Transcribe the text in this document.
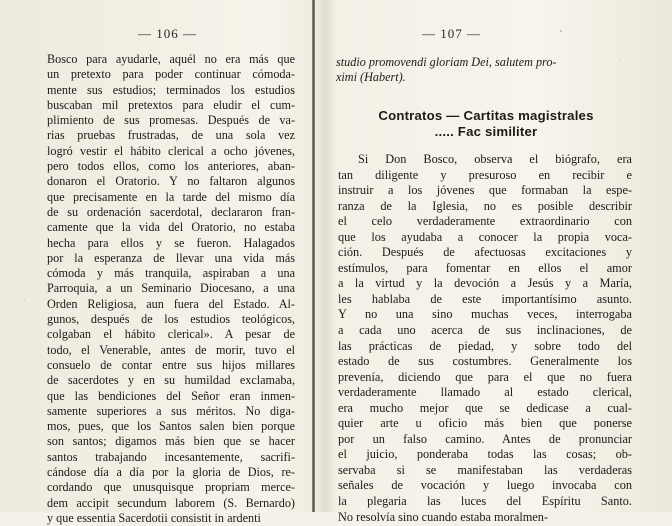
— 106 —
Bosco para ayudarle, aquél no era más que
un pretexto para poder continuar cómoda-
mente sus estudios; terminados los estudios
buscaban mil pretextos para eludir el cum-
plimiento de sus promesas. Después de va-
rias pruebas frustradas, de una sola vez
logró vestir el hábito clerical a ocho jóvenes,
pero todos ellos, como los anteriores, aban-
donaron el Oratorio. Y no faltaron algunos
que precisamente en la tarde del mismo día
de su ordenación sacerdotal, declararon fran-
camente que la vida del Oratorio, no estaba
hecha para ellos y se fueron. Halagados
por la esperanza de llevar una vida más
cómoda y más tranquila, aspiraban a una
Parroquia, a un Seminario Diocesano, a una
Orden Religiosa, aun fuera del Estado. Al-
gunos, después de los estudios teológicos,
colgaban el hábito clerical». A pesar de
todo, el Venerable, antes de morir, tuvo el
consuelo de contar entre sus hijos millares
de sacerdotes y en su humildad exclamaba,
que las bendiciones del Señor eran inmen-
samente superiores a sus méritos. No diga-
mos, pues, que los Santos salen bien porque
son santos; digamos más bien que se hacer
santos trabajando incesantemente, sacrifi-
cándose día a día por la gloria de Dios, re-
cordando que unusquisque propriam merce-
dem accipit secundum laborem (S. Bernardo)
y que essentia Sacerdotii consistit in ardenti
— 107 —
studio promovendi gloriam Dei, salutem pro-
ximi (Habert).
Contratos — Cartitas magistrales
..... Fac similiter
Si Don Bosco, observa el biógrafo, era
tan diligente y presuroso en recibir e
instruir a los jóvenes que formaban la espe-
ranza de la Iglesia, no es posible describir
el celo verdaderamente extraordinario con
que los ayudaba a conocer la propia voca-
ción. Después de afectuosas excitaciones y
estímulos, para fomentar en ellos el amor
a la virtud y la devoción a Jesús y a María,
les hablaba de este importantísimo asunto.
Y no una sino muchas veces, interrogaba
a cada uno acerca de sus inclinaciones, de
las prácticas de piedad, y sobre todo del
estado de sus costumbres. Generalmente los
prevenía, diciendo que para el que no fuera
verdaderamente llamado al estado clerical,
era mucho mejor que se dedicase a cual-
quier arte u oficio más bien que ponerse
por un falso camino. Antes de pronunciar
el juicio, ponderaba todas las cosas; ob-
servaba si se manifestaban las verdaderas
señales de vocación y luego invocaba con
la plegaria las luces del Espíritu Santo.
No resolvía sino cuando estaba moralmen-
